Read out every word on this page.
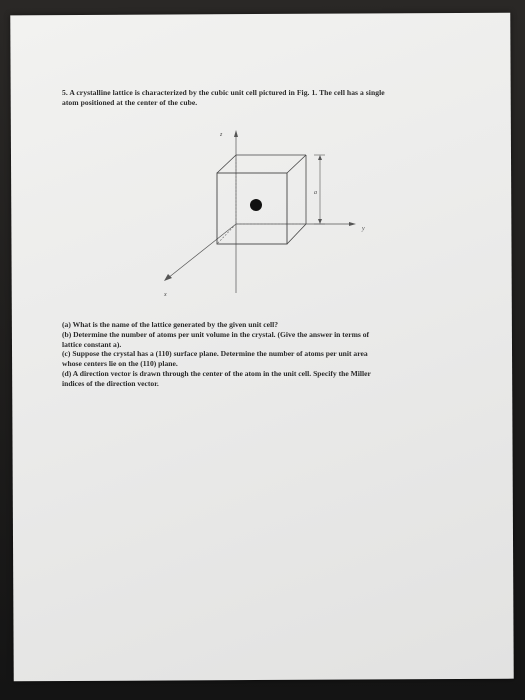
5. A crystalline lattice is characterized by the cubic unit cell pictured in Fig. 1. The cell has a single

atom positioned at the center of the cube.

z
y
x
a

(a) What is the name of the lattice generated by the given unit cell?

(b) Determine the number of atoms per unit volume in the crystal. (Give the answer in terms of

lattice constant a).

(c) Suppose the crystal has a (110) surface plane. Determine the number of atoms per unit area

whose centers lie on the (110) plane.

(d) A direction vector is drawn through the center of the atom in the unit cell. Specify the Miller

indices of the direction vector.
